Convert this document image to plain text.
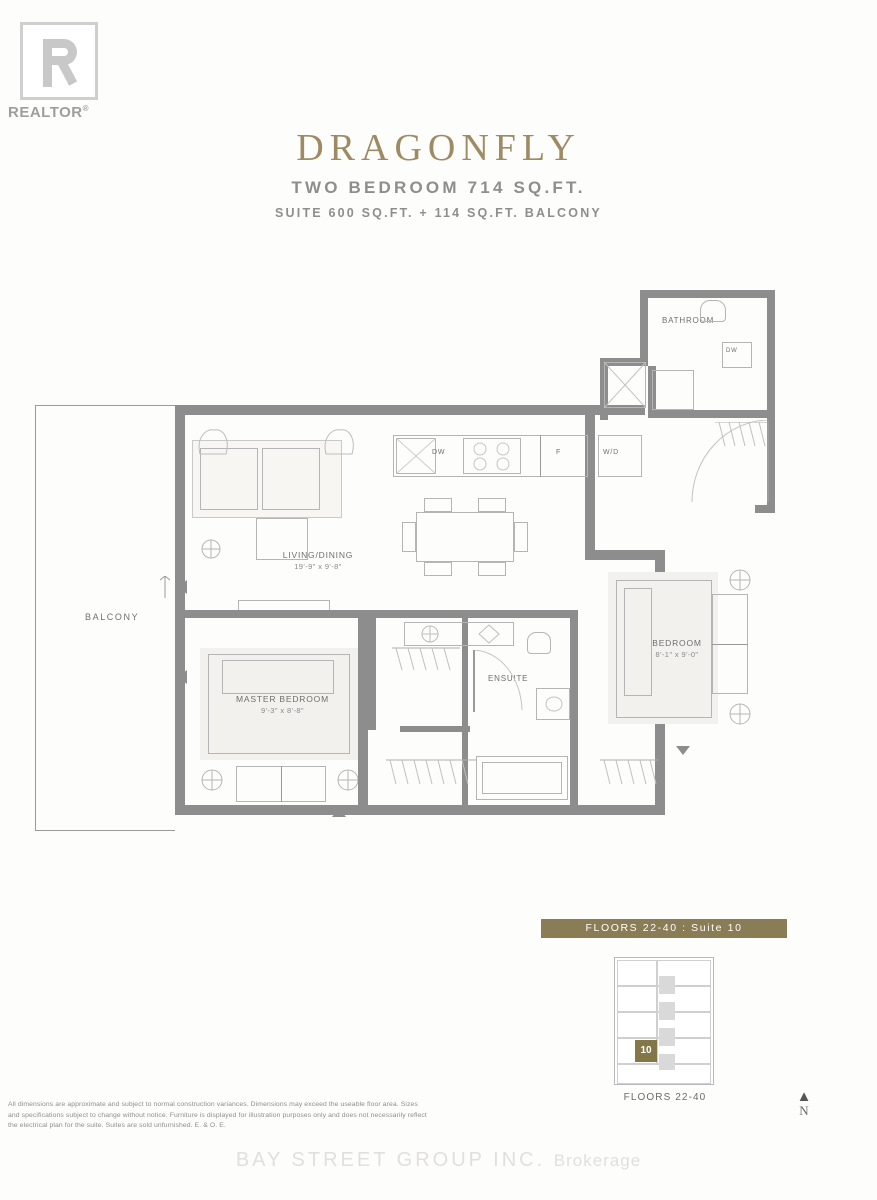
REALTOR®
DRAGONFLY
TWO BEDROOM 714 SQ.FT.
SUITE 600 SQ.FT. + 114 SQ.FT. BALCONY
BALCONY
BATHROOM
DW
DW	F	W/D
LIVING/DINING
19'-9" x 9'-8"
MASTER BEDROOM
9'-3" x 8'-8"
ENSUITE
BEDROOM
8'-1" x 9'-0"
FLOORS 22-40 : Suite 10
10
FLOORS 22-40	▲
N
All dimensions are approximate and subject to normal construction variances. Dimensions may exceed the useable floor area. Sizes and specifications subject to change without notice. Furniture is displayed for illustration purposes only and does not necessarily reflect the electrical plan for the suite. Suites are sold unfurnished. E. & O. E.
BAY STREET GROUP INC. Brokerage
